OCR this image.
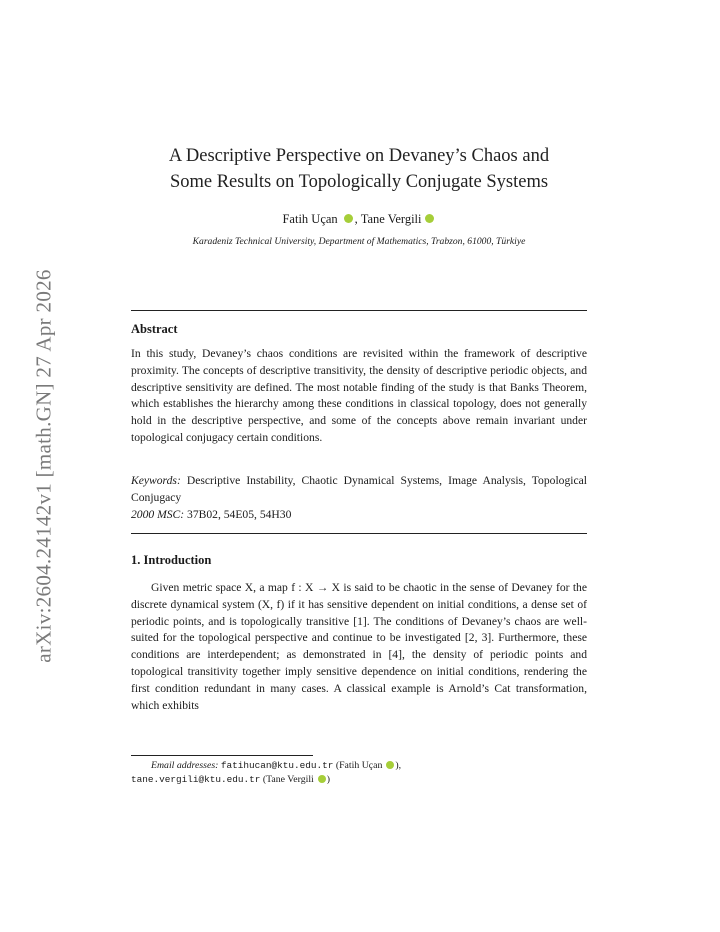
arXiv:2604.24142v1 [math.GN] 27 Apr 2026
A Descriptive Perspective on Devaney’s Chaos and
Some Results on Topologically Conjugate Systems
Fatih Uçan , Tane Vergili
Karadeniz Technical University, Department of Mathematics, Trabzon, 61000, Türkiye
Abstract
In this study, Devaney’s chaos conditions are revisited within the framework of descriptive proximity. The concepts of descriptive transitivity, the density of descriptive periodic objects, and descriptive sensitivity are defined. The most notable finding of the study is that Banks Theorem, which establishes the hierarchy among these conditions in classical topology, does not generally hold in the descriptive perspective, and some of the concepts above remain invariant under topological conjugacy certain conditions.
Keywords: Descriptive Instability, Chaotic Dynamical Systems, Image Analysis, Topological Conjugacy
2000 MSC: 37B02, 54E05, 54H30
1. Introduction
Given metric space X, a map f : X → X is said to be chaotic in the sense of Devaney for the discrete dynamical system (X, f) if it has sensitive dependent on initial conditions, a dense set of periodic points, and is topologically transitive [1]. The conditions of Devaney’s chaos are well-suited for the topological perspective and continue to be investigated [2, 3]. Furthermore, these conditions are interdependent; as demonstrated in [4], the density of periodic points and topological transitivity together imply sensitive dependence on initial conditions, rendering the first condition redundant in many cases. A classical example is Arnold’s Cat transformation, which exhibits
Email addresses: fatihucan@ktu.edu.tr (Fatih Uçan ),
tane.vergili@ktu.edu.tr (Tane Vergili )
